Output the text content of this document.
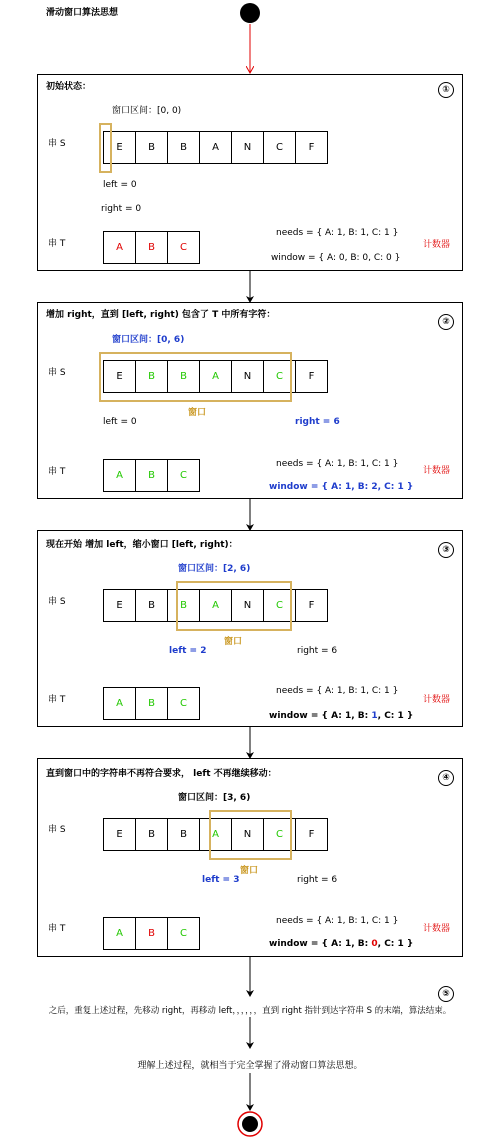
滑动窗口算法思想
初始状态：	①
窗口区间：[0, 0)
串 S	E	B	B	A	N	C	F
left = 0
right = 0
串 T	A	B	C
needs = { A: 1, B: 1, C: 1 }
window = { A: 0, B: 0, C: 0 }
计数器
增加 right，直到 [left, right) 包含了 T 中所有字符：
②
窗口区间：[0, 6)
串 S	E	B	B	A	N	C	F
left = 0
窗口
right = 6
串 T	A	B	C
needs = { A: 1, B: 1, C: 1 }
window = { A: 1, B: 2, C: 1 }
计数器
现在开始 增加 left，缩小窗口 [left, right)：	③
窗口区间：[2, 6)
串 S	E	B	B	A	N	C	F
left = 2
窗口
right = 6
串 T	A	B	C
needs = { A: 1, B: 1, C: 1 }
window = { A: 1, B: 1, C: 1 }
计数器
直到窗口中的字符串不再符合要求， left 不再继续移动：	④
窗口区间：[3, 6)
串 S	E	B	B	A	N	C	F
left = 3
窗口
right = 6
串 T	A	B	C
needs = { A: 1, B: 1, C: 1 }
window = { A: 1, B: 0, C: 1 }
计数器
⑤
之后，重复上述过程，先移动 right，再移动 left，，，，，，直到 right 指针到达字符串 S 的末端，算法结束。
理解上述过程，就相当于完全掌握了滑动窗口算法思想。
